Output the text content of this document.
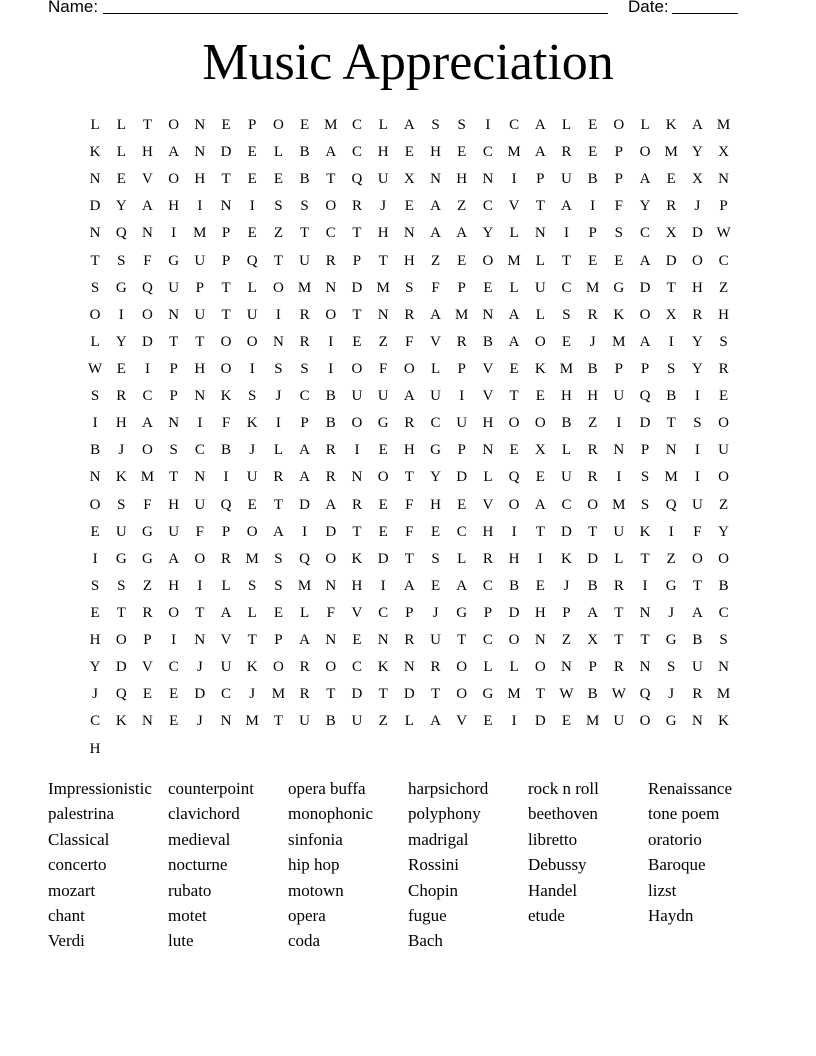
Name:	Date:
Music Appreciation
L	L	T	O	N	E	P	O	E M C	L	A	S	S	I	C	A	L	E	O	L	K	A M
K	L	H	A	N	D	E	L	B	A	C	H	E	H	E	C M A	R	E	P	O M Y	X
N	E	V	O	H	T	E	E	B	T	Q	U	X	N	H	N	I	P	U	B	P	A	E	X	N
D	Y	A	H	I	N	I	S	S	O	R	J	E	A	Z	C	V	T	A	I	F	Y	R	J	P
N	Q	N	I	M	P	E	Z	T	C	T	H	N	A	A	Y	L	N	I	P	S	C	X	D W
T	S	F	G	U	P	Q	T	U	R	P	T	H	Z	E	O M L	T	E	E	A	D	O	C
S	G	Q	U	P	T	L	O M N	D M	S	F	P	E	L	U	C M G	D	T	H	Z
O	I	O	N	U	T	U	I	R	O	T	N	R	A M N	A	L	S	R	K	O	X	R	H
L	Y	D	T	T	O	O	N	R	I	E	Z	F	V	R	B	A	O	E	J	M A	I	Y	S
W E	I	P	H	O	I	S	S	I	O	F	O	L	P	V	E	K M B	P	P	S	Y	R
S	R	C	P	N	K	S	J	C	B	U	U	A	U	I	V	T	E	H	H	U	Q	B	I	E
I	H	A	N	I	F	K	I	P	B	O	G	R	C	U	H	O	O	B	Z	I	D	T	S	O
B	J	O	S	C	B	J	L	A	R	I	E	H	G	P	N	E	X	L	R	N	P	N	I	U
N	K M T	N	I	U	R	A	R	N	O	T	Y	D	L	Q	E	U	R	I	S	M	I	O
O	S	F	H	U	Q	E	T	D	A	R	E	F	H	E	V	O	A	C	O M	S	Q	U	Z
E	U	G	U	F	P	O	A	I	D	T	E	F	E	C	H	I	T	D	T	U	K	I	F	Y
I	G	G	A	O	R M	S	Q	O	K	D	T	S	L	R	H	I	K	D	L	T	Z	O	O
S	S	Z	H	I	L	S	S	M N	H	I	A	E	A	C	B	E	J	B	R	I	G	T	B
E	T	R	O	T	A	L	E	L	F	V	C	P	J	G	P	D	H	P	A	T	N	J	A	C
H	O	P	I	N	V	T	P	A	N	E	N	R	U	T	C	O	N	Z	X	T	T	G	B	S
Y	D	V	C	J	U	K	O	R	O	C	K	N	R	O	L	L	O	N	P	R	N	S	U	N
J	Q	E	E	D	C	J	M R	T	D	T	D	T	O	G M T W B W Q	J	R M
C	K	N	E	J	N M T	U	B	U	Z	L	A	V	E	I	D	E M U	O	G	N	K
H
Impressionistic counterpoint	opera buffa	harpsichord	rock n roll	Renaissance
palestrina	clavichord	monophonic	polyphony	beethoven	tone poem
Classical	medieval	sinfonia	madrigal	libretto	oratorio
concerto	nocturne	hip hop	Rossini	Debussy	Baroque
mozart	rubato	motown	Chopin	Handel	lizst
chant	motet	opera	fugue	etude	Haydn
Verdi	lute	coda	Bach
